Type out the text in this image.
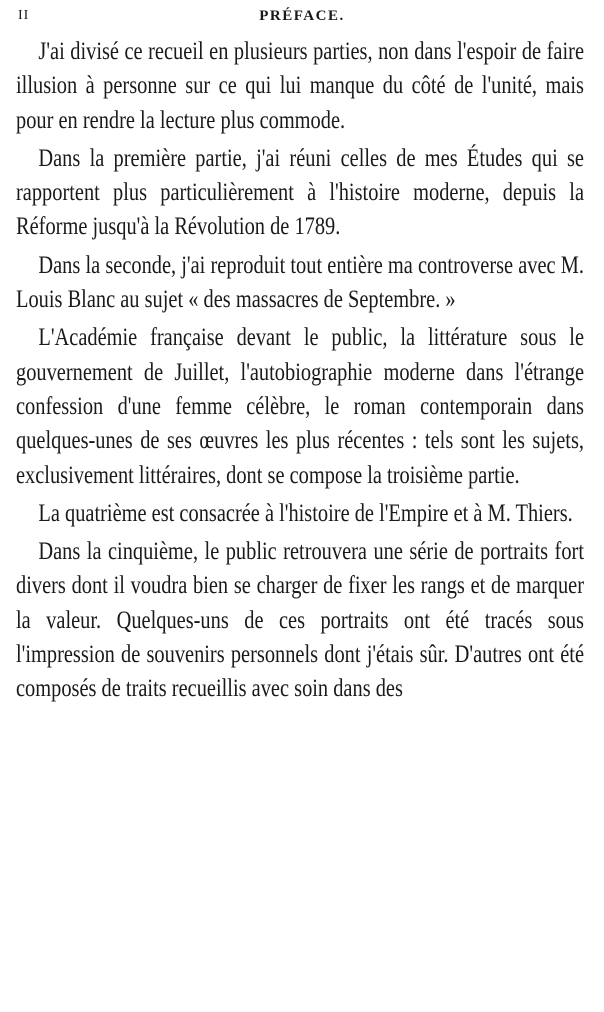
II	PRÉFACE.

J'ai divisé ce recueil en plusieurs parties, non dans l'espoir de faire illusion à personne sur ce qui lui manque du côté de l'unité, mais pour en rendre la lecture plus commode.

Dans la première partie, j'ai réuni celles de mes Études qui se rapportent plus particulièrement à l'histoire moderne, depuis la Réforme jusqu'à la Révolution de 1789.

Dans la seconde, j'ai reproduit tout entière ma controverse avec M. Louis Blanc au sujet « des massacres de Septembre. »

L'Académie française devant le public, la littérature sous le gouvernement de Juillet, l'autobiographie moderne dans l'étrange confession d'une femme célèbre, le roman contemporain dans quelques-unes de ses œuvres les plus récentes : tels sont les sujets, exclusivement littéraires, dont se compose la troisième partie.

La quatrième est consacrée à l'histoire de l'Empire et à M. Thiers.

Dans la cinquième, le public retrouvera une série de portraits fort divers dont il voudra bien se charger de fixer les rangs et de marquer la valeur. Quelques-uns de ces portraits ont été tracés sous l'impression de souvenirs personnels dont j'étais sûr. D'autres ont été composés de traits recueillis avec soin dans des
